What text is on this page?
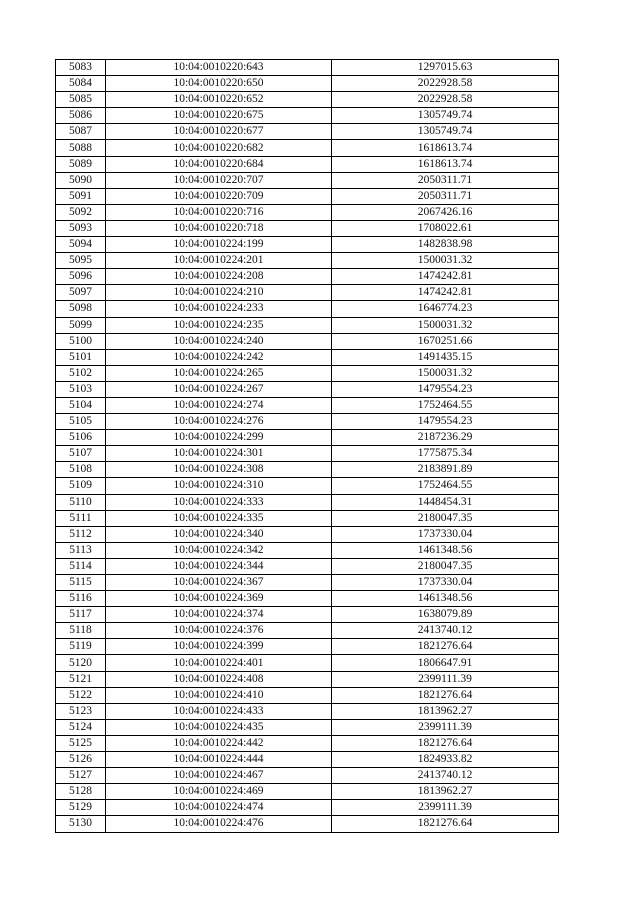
5083	10:04:0010220:643	1297015.63
5084	10:04:0010220:650	2022928.58
5085	10:04:0010220:652	2022928.58
5086	10:04:0010220:675	1305749.74
5087	10:04:0010220:677	1305749.74
5088	10:04:0010220:682	1618613.74
5089	10:04:0010220:684	1618613.74
5090	10:04:0010220:707	2050311.71
5091	10:04:0010220:709	2050311.71
5092	10:04:0010220:716	2067426.16
5093	10:04:0010220:718	1708022.61
5094	10:04:0010224:199	1482838.98
5095	10:04:0010224:201	1500031.32
5096	10:04:0010224:208	1474242.81
5097	10:04:0010224:210	1474242.81
5098	10:04:0010224:233	1646774.23
5099	10:04:0010224:235	1500031.32
5100	10:04:0010224:240	1670251.66
5101	10:04:0010224:242	1491435.15
5102	10:04:0010224:265	1500031.32
5103	10:04:0010224:267	1479554.23
5104	10:04:0010224:274	1752464.55
5105	10:04:0010224:276	1479554.23
5106	10:04:0010224:299	2187236.29
5107	10:04:0010224:301	1775875.34
5108	10:04:0010224:308	2183891.89
5109	10:04:0010224:310	1752464.55
5110	10:04:0010224:333	1448454.31
5111	10:04:0010224:335	2180047.35
5112	10:04:0010224:340	1737330.04
5113	10:04:0010224:342	1461348.56
5114	10:04:0010224:344	2180047.35
5115	10:04:0010224:367	1737330.04
5116	10:04:0010224:369	1461348.56
5117	10:04:0010224:374	1638079.89
5118	10:04:0010224:376	2413740.12
5119	10:04:0010224:399	1821276.64
5120	10:04:0010224:401	1806647.91
5121	10:04:0010224:408	2399111.39
5122	10:04:0010224:410	1821276.64
5123	10:04:0010224:433	1813962.27
5124	10:04:0010224:435	2399111.39
5125	10:04:0010224:442	1821276.64
5126	10:04:0010224:444	1824933.82
5127	10:04:0010224:467	2413740.12
5128	10:04:0010224:469	1813962.27
5129	10:04:0010224:474	2399111.39
5130	10:04:0010224:476	1821276.64
